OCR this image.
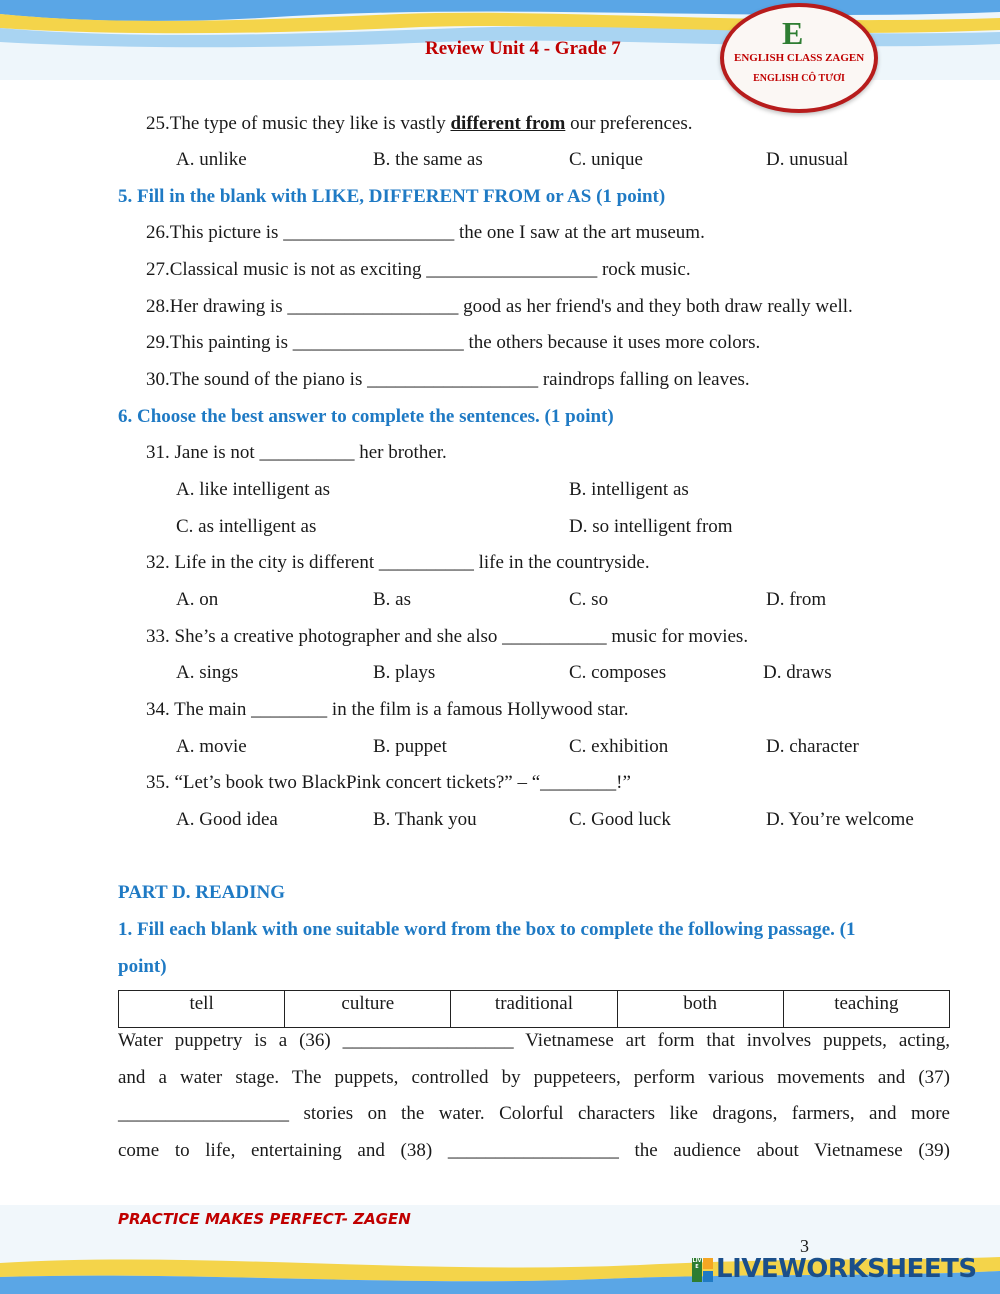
Review Unit 4 - Grade 7	E
ENGLISH CLASS ZAGEN
ENGLISH CÔ TƯƠI
25.The type of music they like is vastly different from our preferences.
A. unlike	B. the same as	C. unique	D. unusual
5. Fill in the blank with LIKE, DIFFERENT FROM or AS (1 point)
26.This picture is __________________ the one I saw at the art museum.
27.Classical music is not as exciting __________________ rock music.
28.Her drawing is __________________ good as her friend's and they both draw really well.
29.This painting is __________________ the others because it uses more colors.
30.The sound of the piano is __________________ raindrops falling on leaves.
6. Choose the best answer to complete the sentences. (1 point)
31. Jane is not __________ her brother.
A. like intelligent as	B. intelligent as
C. as intelligent as	D. so intelligent from
32. Life in the city is different __________ life in the countryside.
A. on	B. as	C. so	D. from
33. She’s a creative photographer and she also ___________ music for movies.
A. sings	B. plays	C. composes	D. draws
34. The main ________ in the film is a famous Hollywood star.
A. movie	B. puppet	C. exhibition	D. character
35. “Let’s book two BlackPink concert tickets?” – “________!”
A. Good idea	B. Thank you	C. Good luck	D. You’re welcome
PART D. READING
1. Fill each blank with one suitable word from the box to complete the following passage. (1
point)
tell	culture	traditional	both	teaching
Water puppetry is a (36) __________________ Vietnamese art form that involves puppets, acting,
and a water stage. The puppets, controlled by puppeteers, perform various movements and (37)
__________________ stories on the water. Colorful characters like dragons, farmers, and more
come to life, entertaining and (38) __________________ the audience about Vietnamese (39)
PRACTICE MAKES PERFECT- ZAGEN
3
LIVE LIVEWORKSHEETS
